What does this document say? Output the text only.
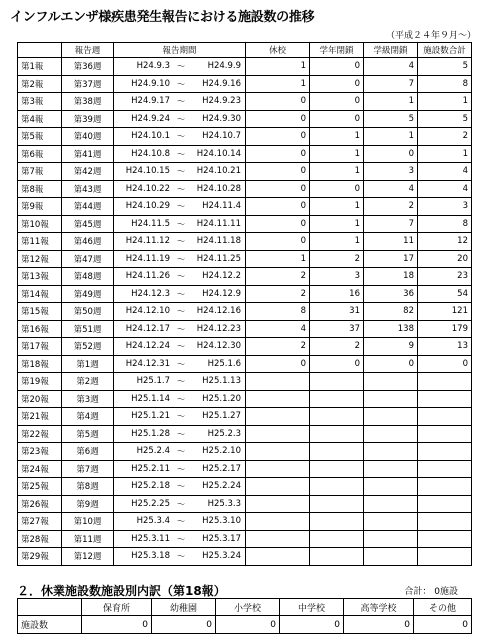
インフルエンザ様疾患発生報告における施設数の推移
（平成２４年９月～）
	報告週	報告期間	休校	学年閉鎖	学級閉鎖	施設数合計
第1報	第36週	H24.9.3 ～ H24.9.9	1	0	4	5
第2報	第37週	H24.9.10 ～ H24.9.16	1	0	7	8
第3報	第38週	H24.9.17 ～ H24.9.23	0	0	1	1
第4報	第39週	H24.9.24 ～ H24.9.30	0	0	5	5
第5報	第40週	H24.10.1 ～ H24.10.7	0	1	1	2
第6報	第41週	H24.10.8 ～ H24.10.14	0	1	0	1
第7報	第42週	H24.10.15 ～ H24.10.21	0	1	3	4
第8報	第43週	H24.10.22 ～ H24.10.28	0	0	4	4
第9報	第44週	H24.10.29 ～ H24.11.4	0	1	2	3
第10報	第45週	H24.11.5 ～ H24.11.11	0	1	7	8
第11報	第46週	H24.11.12 ～ H24.11.18	0	1	11	12
第12報	第47週	H24.11.19 ～ H24.11.25	1	2	17	20
第13報	第48週	H24.11.26 ～ H24.12.2	2	3	18	23
第14報	第49週	H24.12.3 ～ H24.12.9	2	16	36	54
第15報	第50週	H24.12.10 ～ H24.12.16	8	31	82	121
第16報	第51週	H24.12.17 ～ H24.12.23	4	37	138	179
第17報	第52週	H24.12.24 ～ H24.12.30	2	2	9	13
第18報	第1週	H24.12.31 ～ H25.1.6	0	0	0	0
第19報	第2週	H25.1.7 ～ H25.1.13				

第20報	第3週	H25.1.14 ～ H25.1.20				

第21報	第4週	H25.1.21 ～ H25.1.27				

第22報	第5週	H25.1.28 ～ H25.2.3				

第23報	第6週	H25.2.4 ～ H25.2.10				

第24報	第7週	H25.2.11 ～ H25.2.17				

第25報	第8週	H25.2.18 ～ H25.2.24				

第26報	第9週	H25.2.25 ～ H25.3.3				

第27報	第10週	H25.3.4 ～ H25.3.10				

第28報	第11週	H25.3.11 ～ H25.3.17				

第29報	第12週	H25.3.18 ～ H25.3.24				

２．休業施設数施設別内訳（第18報）	合計： 0施設
	保育所	幼稚園	小学校	中学校	高等学校	その他
施設数	0	0	0	0	0	0
